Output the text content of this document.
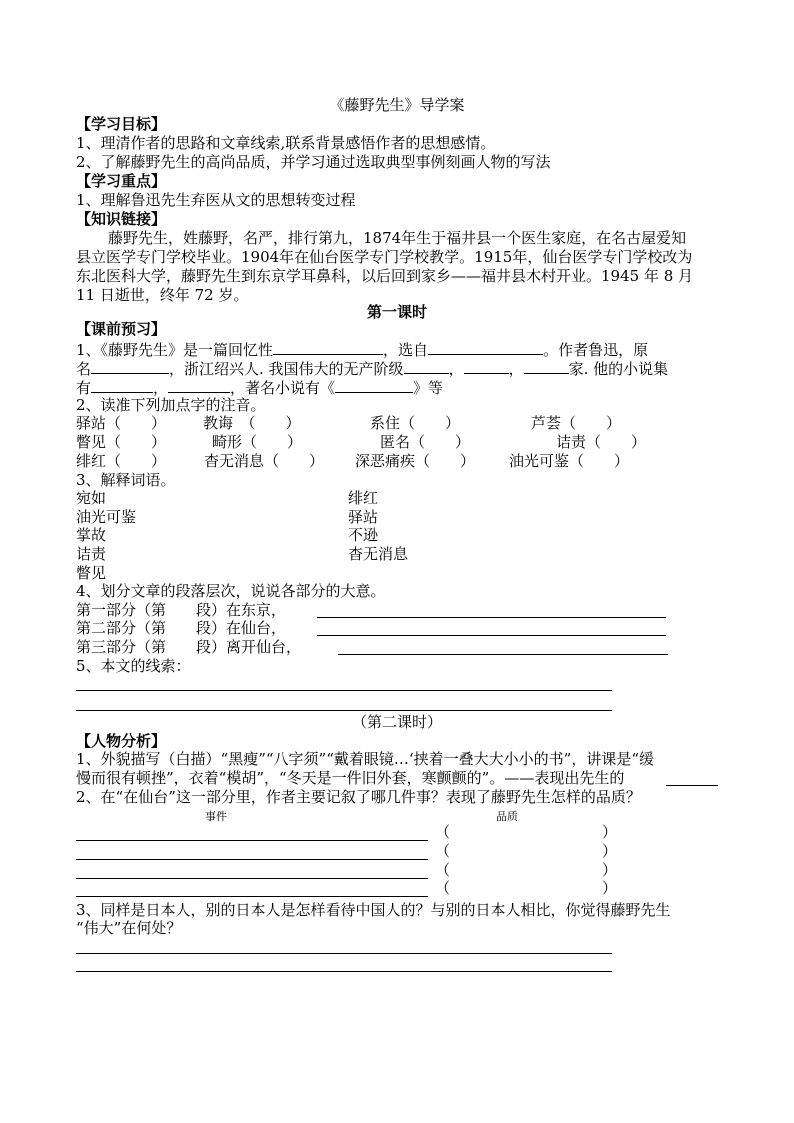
《藤野先生》导学案
【学习目标】
1、理清作者的思路和文章线索,联系背景感悟作者的思想感情。
2、了解藤野先生的高尚品质，并学习通过选取典型事例刻画人物的写法
【学习重点】
1、理解鲁迅先生弃医从文的思想转变过程
【知识链接】
藤野先生，姓藤野，名严，排行第九，1874年生于福井县一个医生家庭，在名古屋爱知
县立医学专门学校毕业。1904年在仙台医学专门学校教学。1915年，仙台医学专门学校改为
东北医科大学，藤野先生到东京学耳鼻科，以后回到家乡——福井县木村开业。1945 年 8 月
11 日逝世，终年 72 岁。
第一课时
【课前预习】
1、《藤野先生》是一篇回忆性	，选自	。作者鲁迅，原
名	，浙江绍兴人. 我国伟大的无产阶级	，	，	家. 他的小说集
有	，	，著名小说有《	》等
2、读准下列加点字的注音。
驿站（　　） 教诲　（　　）	系住（　　）	芦荟（　　）
瞥见（　　）	畸形（　　）	匿名（　　）	诘责（　　）
绯红（　　）	杳无消息（　　） 深恶痛疾（　　） 油光可鉴（　　）
3、解释词语。
宛如	绯红
油光可鉴	驿站
掌故	不逊
诘责	杳无消息
瞥见
4、划分文章的段落层次，说说各部分的大意。
第一部分（第　　段）在东京，
第二部分（第　　段）在仙台，
第三部分（第　　段）离开仙台，
5、本文的线索：
（第二课时）
【人物分析】
1、外貌描写（白描）“黑瘦”“八字须”“戴着眼镜…‘挟着一叠大大小小的书”，讲课是“缓
慢而很有顿挫”，衣着“模胡”，“冬天是一件旧外套，寒颤颤的”。——表现出先生的
2、在“在仙台”这一部分里，作者主要记叙了哪几件事？表现了藤野先生怎样的品质？
事件	品质
（	）
（	）
（	）
（	）
3、同样是日本人，别的日本人是怎样看待中国人的？与别的日本人相比，你觉得藤野先生
“伟大”在何处？
